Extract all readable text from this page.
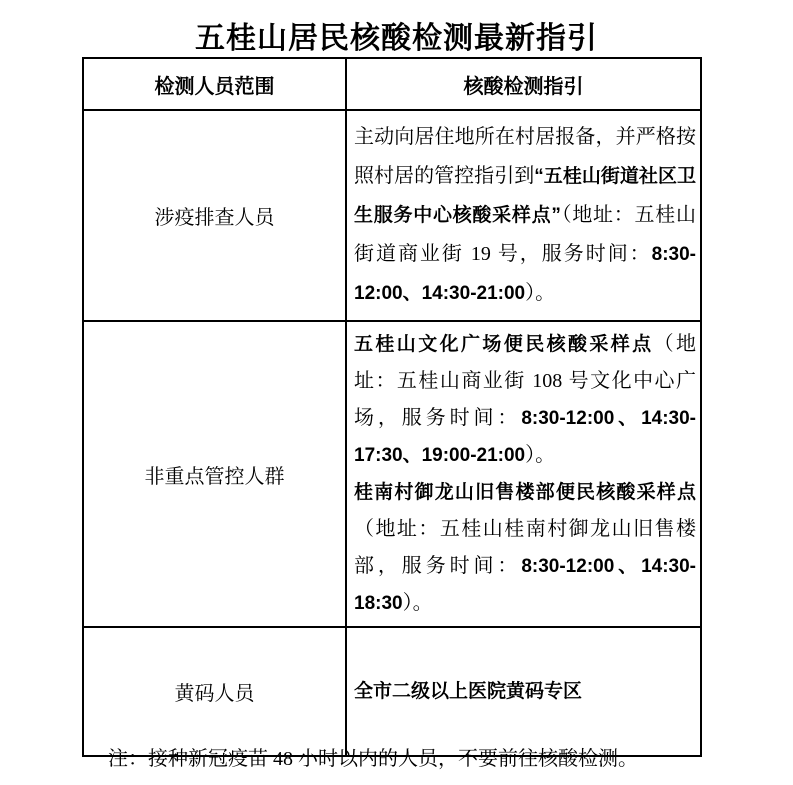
五桂山居民核酸检测最新指引
检测人员范围	核酸检测指引
涉疫排查人员	主动向居住地所在村居报备，并严格按照村居的管控指引到“五桂山街道社区卫生服务中心核酸采样点”（地址：五桂山街道商业街 19 号，服务时间：8:30-12:00、14:30-21:00）。

非重点管控人群	五桂山文化广场便民核酸采样点（地址：五桂山商业街 108 号文化中心广场，服务时间：8:30-12:00、14:30-17:30、19:00-21:00）。

桂南村御龙山旧售楼部便民核酸采样点（地址：五桂山桂南村御龙山旧售楼部，服务时间：8:30-12:00、14:30-18:30）。

黄码人员	全市二级以上医院黄码专区

注：接种新冠疫苗 48 小时以内的人员，不要前往核酸检测。
